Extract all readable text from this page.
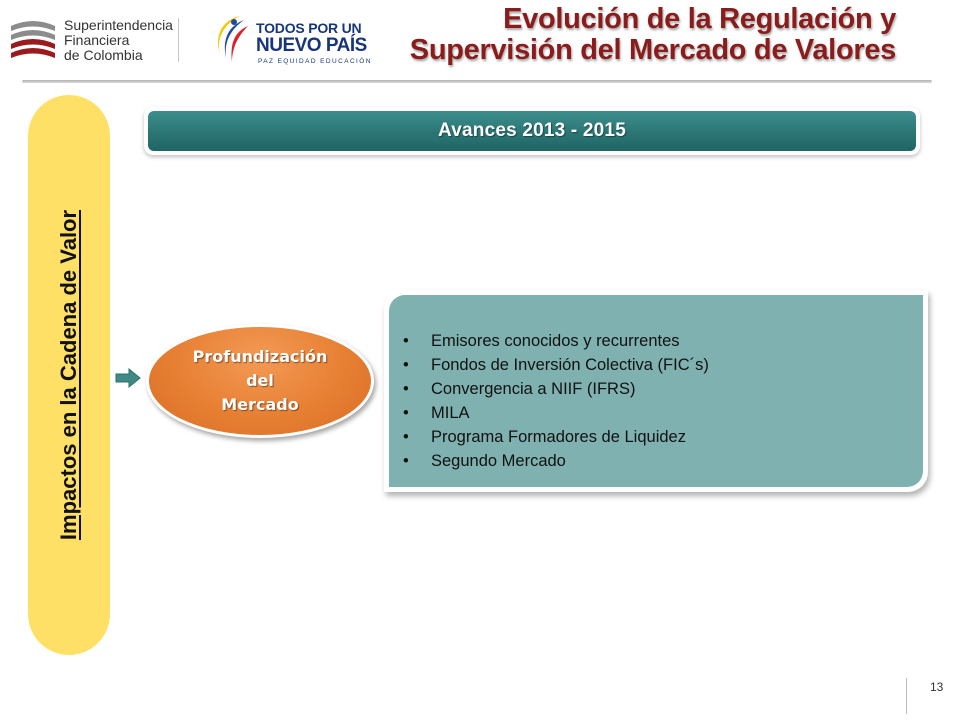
Superintendencia
Financiera
de Colombia
TODOS POR UN
NUEVO PAÍS
PAZ EQUIDAD EDUCACIÓN
Evolución de la Regulación y
Supervisión del Mercado de Valores
Impactos en la Cadena de Valor
Avances 2013 - 2015
Profundización
del
Mercado
• Emisores conocidos y recurrentes
• Fondos de Inversión Colectiva (FIC´s)
• Convergencia a NIIF (IFRS)
• MILA
• Programa Formadores de Liquidez
• Segundo Mercado
13
